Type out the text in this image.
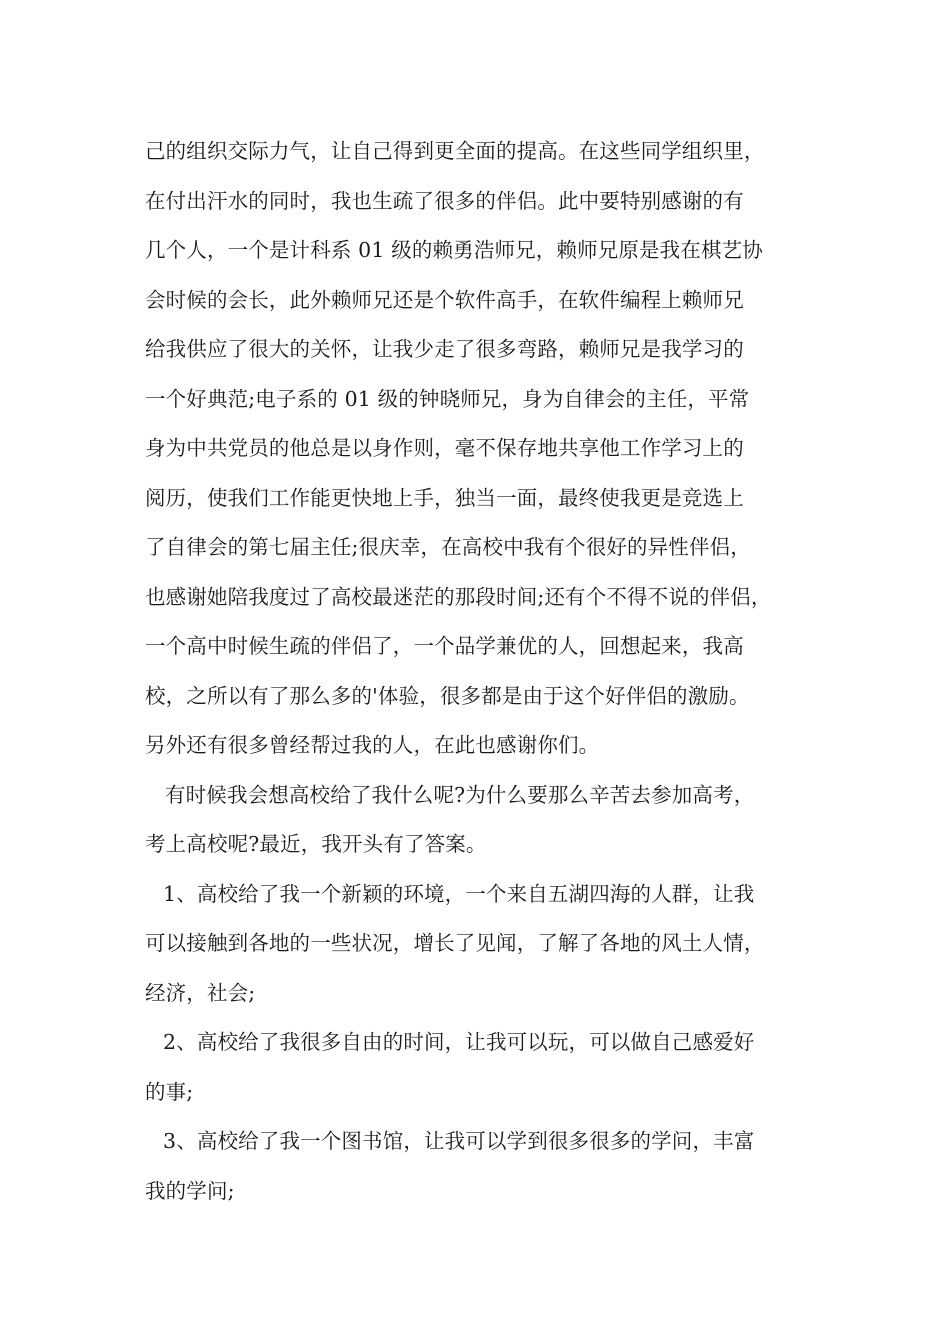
己的组织交际力气，让自己得到更全面的提高。在这些同学组织里，
在付出汗水的同时，我也生疏了很多的伴侣。此中要特别感谢的有
几个人，一个是计科系 01 级的赖勇浩师兄，赖师兄原是我在棋艺协
会时候的会长，此外赖师兄还是个软件高手，在软件编程上赖师兄
给我供应了很大的关怀，让我少走了很多弯路，赖师兄是我学习的
一个好典范;电子系的 01 级的钟晓师兄，身为自律会的主任，平常
身为中共党员的他总是以身作则，毫不保存地共享他工作学习上的
阅历，使我们工作能更快地上手，独当一面，最终使我更是竞选上
了自律会的第七届主任;很庆幸，在高校中我有个很好的异性伴侣，
也感谢她陪我度过了高校最迷茫的那段时间;还有个不得不说的伴侣，
一个高中时候生疏的伴侣了，一个品学兼优的人，回想起来，我高
校，之所以有了那么多的'体验，很多都是由于这个好伴侣的激励。
另外还有很多曾经帮过我的人，在此也感谢你们。
有时候我会想高校给了我什么呢?为什么要那么辛苦去参加高考，
考上高校呢?最近，我开头有了答案。
1、高校给了我一个新颖的环境，一个来自五湖四海的人群，让我
可以接触到各地的一些状况，增长了见闻，了解了各地的风土人情，
经济，社会;
2、高校给了我很多自由的时间，让我可以玩，可以做自己感爱好
的事;
3、高校给了我一个图书馆，让我可以学到很多很多的学问，丰富
我的学问;
